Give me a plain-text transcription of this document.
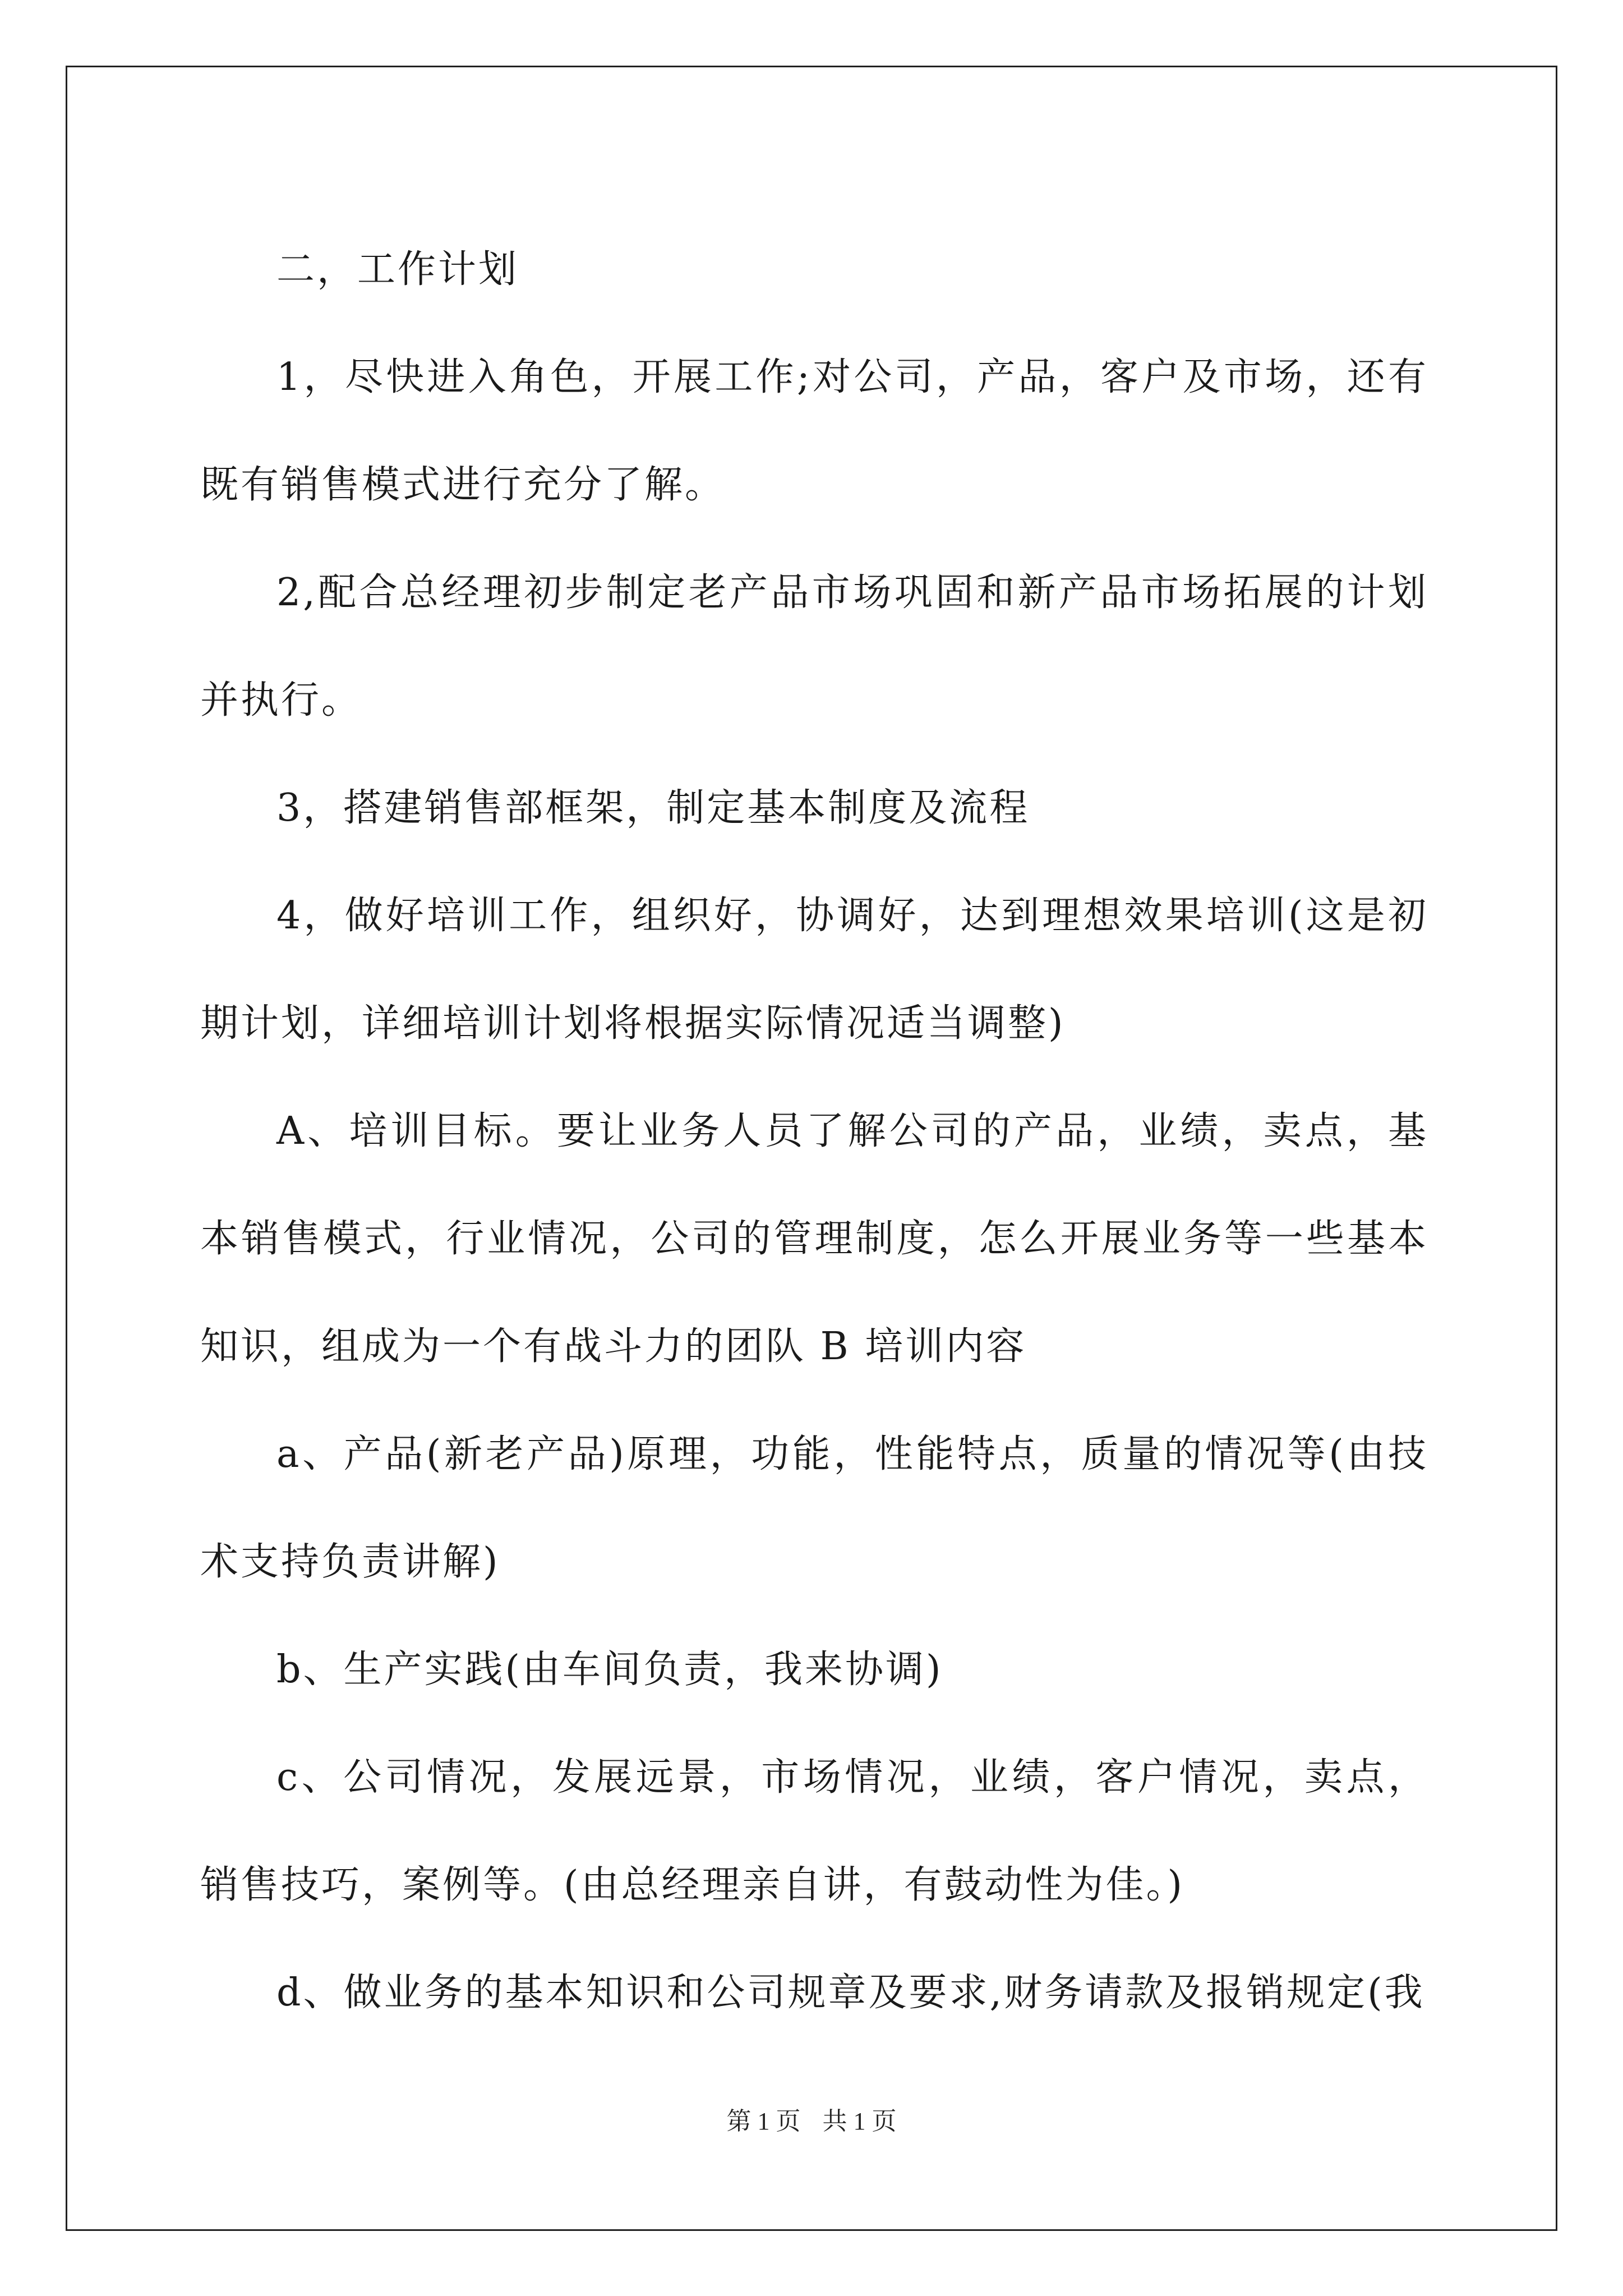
二，工作计划

1，尽快进入角色，开展工作;对公司，产品，客户及市场，还有既有销售模式进行充分了解。

2,配合总经理初步制定老产品市场巩固和新产品市场拓展的计划并执行。

3，搭建销售部框架，制定基本制度及流程

4，做好培训工作，组织好，协调好，达到理想效果培训(这是初期计划，详细培训计划将根据实际情况适当调整)

A、培训目标。要让业务人员了解公司的产品，业绩，卖点，基本销售模式，行业情况，公司的管理制度，怎么开展业务等一些基本知识，组成为一个有战斗力的团队 B 培训内容

a、产品(新老产品)原理，功能，性能特点，质量的情况等(由技术支持负责讲解)

b、生产实践(由车间负责，我来协调)

c、公司情况，发展远景，市场情况，业绩，客户情况，卖点，销售技巧，案例等。(由总经理亲自讲，有鼓动性为佳。)

d、做业务的基本知识和公司规章及要求,财务请款及报销规定(我

第 1 页 共 1 页
